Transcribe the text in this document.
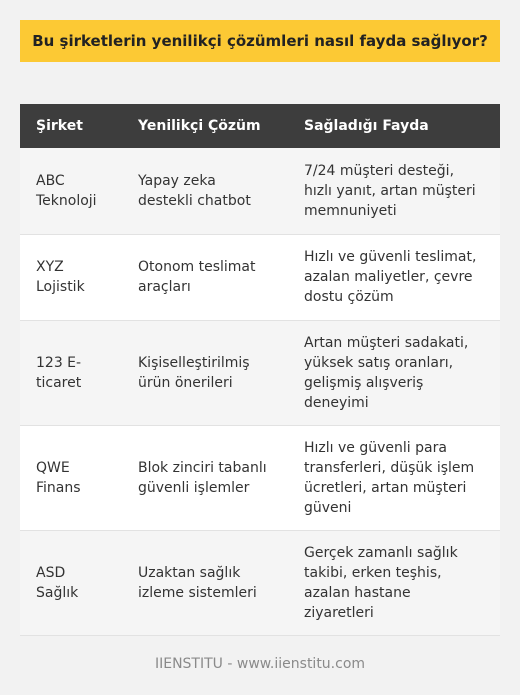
Bu şirketlerin yenilikçi çözümleri nasıl fayda sağlıyor?
Şirket	Yenilikçi Çözüm	Sağladığı Fayda
ABC Teknoloji	Yapay zeka destekli chatbot	7/24 müşteri desteği, hızlı yanıt, artan müşteri memnuniyeti
XYZ Lojistik	Otonom teslimat araçları	Hızlı ve güvenli teslimat, azalan maliyetler, çevre dostu çözüm
123 E-ticaret	Kişiselleştirilmiş ürün önerileri	Artan müşteri sadakati, yüksek satış oranları, gelişmiş alışveriş deneyimi
QWE Finans	Blok zinciri tabanlı güvenli işlemler	Hızlı ve güvenli para transferleri, düşük işlem ücretleri, artan müşteri güveni
ASD Sağlık	Uzaktan sağlık izleme sistemleri	Gerçek zamanlı sağlık takibi, erken teşhis, azalan hastane ziyaretleri
IIENSTITU - www.iienstitu.com
